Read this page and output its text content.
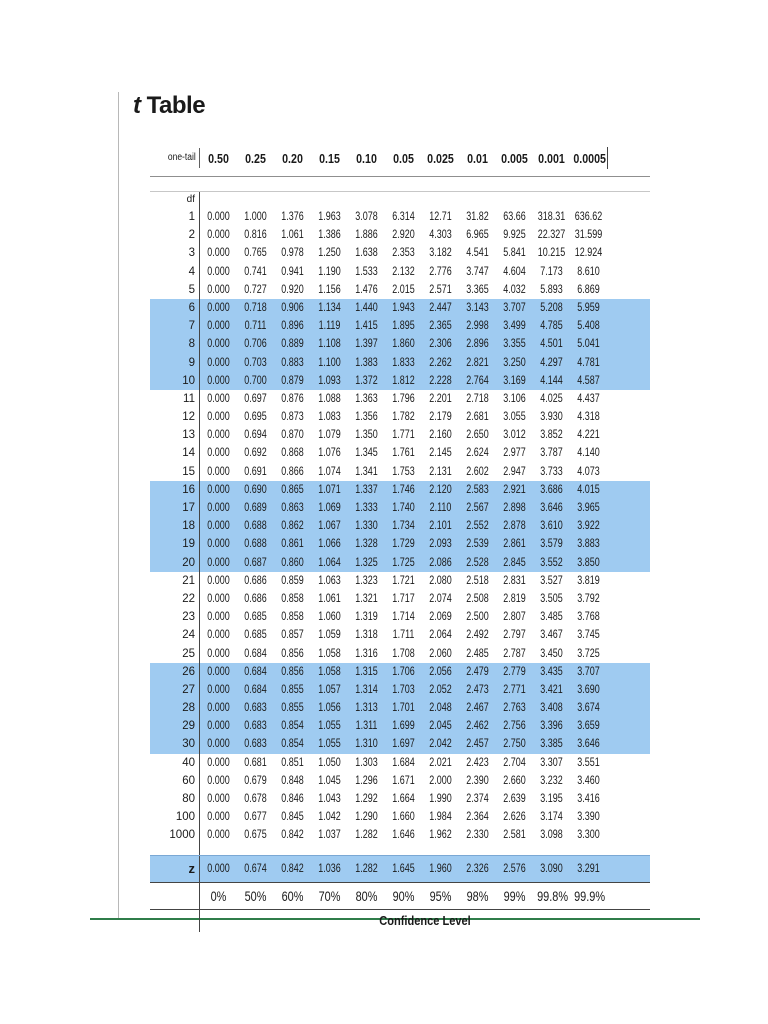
t Table
one-tail 0.50	0.25	0.20	0.15	0.10	0.05	0.025	0.01	0.005 0.001 0.0005
df
1	0.000 1.000 1.376 1.963 3.078 6.314 12.71 31.82 63.66 318.31 636.62
2	0.000 0.816 1.061 1.386 1.886 2.920 4.303 6.965 9.925 22.327 31.599
3	0.000 0.765 0.978 1.250 1.638 2.353 3.182 4.541 5.841 10.215 12.924
4	0.000 0.741 0.941 1.190 1.533 2.132 2.776 3.747 4.604 7.173 8.610
5	0.000 0.727 0.920 1.156 1.476 2.015 2.571 3.365 4.032 5.893 6.869
6	0.000 0.718 0.906 1.134 1.440 1.943 2.447 3.143 3.707 5.208 5.959
7	0.000	0.711	0.896	1.119	1.415 1.895 2.365 2.998 3.499 4.785 5.408
8	0.000 0.706 0.889 1.108 1.397 1.860 2.306 2.896 3.355 4.501 5.041
9	0.000 0.703 0.883 1.100 1.383 1.833 2.262 2.821 3.250 4.297 4.781
10	0.000 0.700 0.879 1.093 1.372 1.812 2.228 2.764 3.169 4.144 4.587
11	0.000 0.697 0.876 1.088 1.363 1.796 2.201 2.718 3.106 4.025 4.437
12	0.000 0.695 0.873 1.083 1.356 1.782 2.179 2.681 3.055 3.930 4.318
13	0.000 0.694 0.870 1.079 1.350 1.771 2.160 2.650 3.012 3.852 4.221
14	0.000 0.692 0.868 1.076 1.345 1.761 2.145 2.624 2.977 3.787 4.140
15	0.000 0.691 0.866 1.074 1.341 1.753 2.131 2.602 2.947 3.733 4.073
16	0.000 0.690 0.865 1.071 1.337 1.746 2.120 2.583 2.921 3.686 4.015
17	0.000 0.689 0.863 1.069 1.333 1.740	2.110	2.567 2.898 3.646 3.965
18	0.000 0.688 0.862 1.067 1.330 1.734 2.101 2.552 2.878 3.610 3.922
19	0.000 0.688 0.861 1.066 1.328 1.729 2.093 2.539 2.861 3.579 3.883
20	0.000 0.687 0.860 1.064 1.325 1.725 2.086 2.528 2.845 3.552 3.850
21	0.000 0.686 0.859 1.063 1.323 1.721 2.080 2.518 2.831 3.527 3.819
22	0.000 0.686 0.858 1.061 1.321 1.717 2.074 2.508 2.819 3.505 3.792
23	0.000 0.685 0.858 1.060 1.319 1.714 2.069 2.500 2.807 3.485 3.768
24	0.000 0.685 0.857 1.059 1.318	1.711	2.064 2.492 2.797 3.467 3.745
25	0.000 0.684 0.856 1.058 1.316 1.708 2.060 2.485 2.787 3.450 3.725
26	0.000 0.684 0.856 1.058 1.315 1.706 2.056 2.479 2.779 3.435 3.707
27	0.000 0.684 0.855 1.057 1.314 1.703 2.052 2.473 2.771 3.421 3.690
28	0.000 0.683 0.855 1.056 1.313 1.701 2.048 2.467 2.763 3.408 3.674
29	0.000 0.683 0.854 1.055	1.311	1.699 2.045 2.462 2.756 3.396 3.659
30	0.000 0.683 0.854 1.055 1.310 1.697 2.042 2.457 2.750 3.385 3.646
40	0.000 0.681 0.851 1.050 1.303 1.684 2.021 2.423 2.704 3.307 3.551
60	0.000 0.679 0.848 1.045 1.296 1.671 2.000 2.390 2.660 3.232 3.460
80	0.000 0.678 0.846 1.043 1.292 1.664 1.990 2.374 2.639 3.195 3.416
100	0.000 0.677 0.845 1.042 1.290 1.660 1.984 2.364 2.626 3.174 3.390
1000	0.000 0.675 0.842 1.037 1.282 1.646 1.962 2.330 2.581 3.098 3.300
z	0.000 0.674 0.842 1.036 1.282 1.645 1.960 2.326 2.576 3.090 3.291
0%	50% 60% 70% 80% 90% 95% 98% 99% 99.8% 99.9%
Confidence Level
